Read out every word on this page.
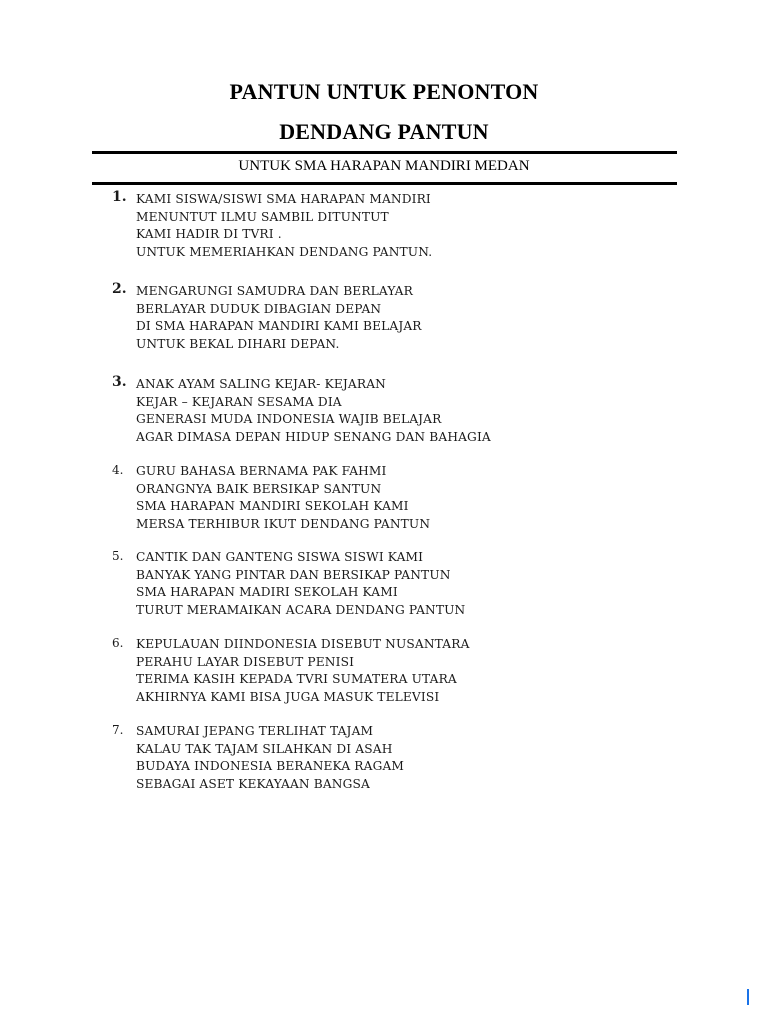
PANTUN UNTUK PENONTON
DENDANG PANTUN
UNTUK SMA HARAPAN MANDIRI MEDAN
1. KAMI SISWA/SISWI SMA HARAPAN MANDIRI
MENUNTUT ILMU SAMBIL DITUNTUT
KAMI HADIR DI TVRI .
UNTUK MEMERIAHKAN DENDANG PANTUN.
2. MENGARUNGI SAMUDRA DAN BERLAYAR
BERLAYAR DUDUK DIBAGIAN DEPAN
DI SMA HARAPAN MANDIRI KAMI BELAJAR
UNTUK BEKAL DIHARI DEPAN.
3. ANAK AYAM SALING KEJAR- KEJARAN
KEJAR – KEJARAN SESAMA DIA
GENERASI MUDA INDONESIA WAJIB BELAJAR
AGAR DIMASA DEPAN HIDUP SENANG DAN BAHAGIA
4.	GURU BAHASA BERNAMA PAK FAHMI
ORANGNYA BAIK BERSIKAP SANTUN
SMA HARAPAN MANDIRI SEKOLAH KAMI
MERSA TERHIBUR IKUT DENDANG PANTUN
5.	CANTIK DAN GANTENG SISWA SISWI KAMI
BANYAK YANG PINTAR DAN BERSIKAP PANTUN
SMA HARAPAN MADIRI SEKOLAH KAMI
TURUT MERAMAIKAN ACARA DENDANG PANTUN
6.	KEPULAUAN DIINDONESIA DISEBUT NUSANTARA
PERAHU LAYAR DISEBUT PENISI
TERIMA KASIH KEPADA TVRI SUMATERA UTARA
AKHIRNYA KAMI BISA JUGA MASUK TELEVISI
7.	SAMURAI JEPANG TERLIHAT TAJAM
KALAU TAK TAJAM SILAHKAN DI ASAH
BUDAYA INDONESIA BERANEKA RAGAM
SEBAGAI ASET KEKAYAAN BANGSA
